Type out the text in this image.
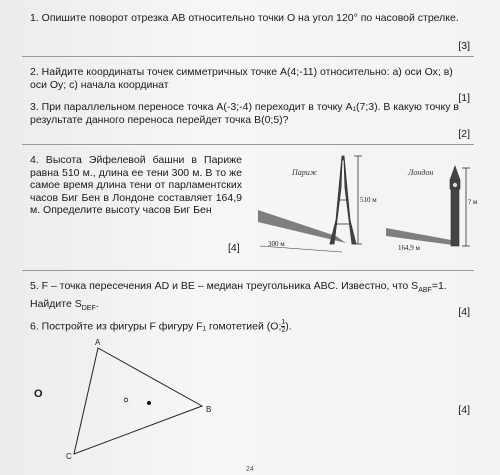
1. Опишите поворот отрезка АВ относительно точки О на угол 120° по часовой стрелке.
[3]
2. Найдите координаты точек симметричных точке А(4;-11) относительно: а) оси Ох; в) оси Оу; с) начала координат
[1]
3. При параллельном переносе точка А(-3;-4) переходит в точку А₁(7;3). В какую точку в результате данного переноса перейдет точка В(0;5)?
[2]
4. Высота Эйфелевой башни в Париже равна 510 м., длина ее тени 300 м. В то же самое время длина тени от парламентских часов Биг Бен в Лондоне составляет 164,9 м. Определите высоту часов Биг Бен
[4]
Париж	Лондон
510 м
300 м	164,9 м
? м
5. F – точка пересечения AD и BE – медиан треугольника ABC. Известно, что $S_{ABF}=1$. Найдите $S_{DEF}$.
[4]
6. Постройте из фигуры F фигуру F₁ гомотетией (O; $\frac{1}{2}$ ).
[4]
A
B
C
O
24
